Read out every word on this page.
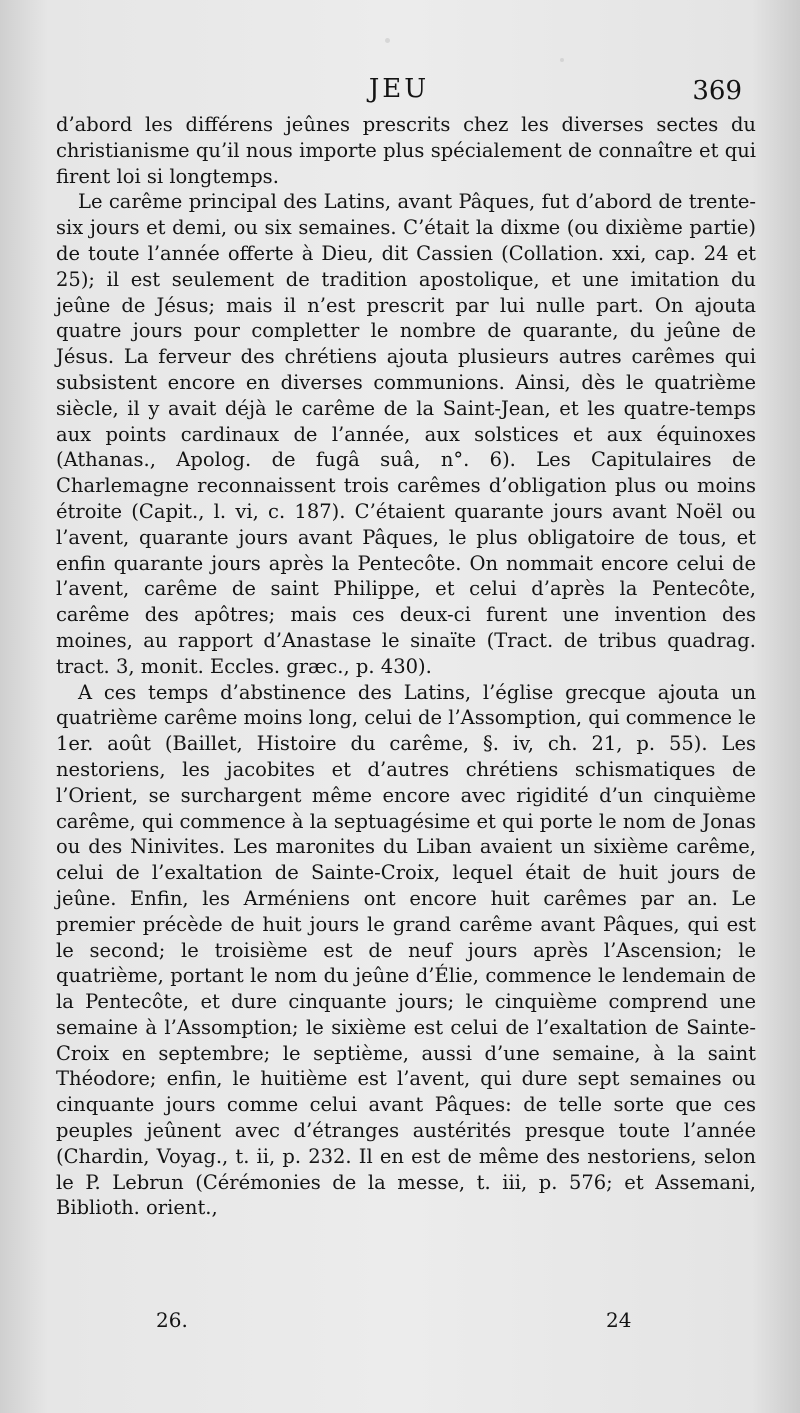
JEU	369

d’abord les différens jeûnes prescrits chez les diverses sectes du christianisme qu’il nous importe plus spécialement de connaître et qui firent loi si longtemps.

Le carême principal des Latins, avant Pâques, fut d’abord de trente-six jours et demi, ou six semaines. C’était la dixme (ou dixième partie) de toute l’année offerte à Dieu, dit Cassien (Collation. xxi, cap. 24 et 25); il est seulement de tradition apostolique, et une imitation du jeûne de Jésus; mais il n’est prescrit par lui nulle part. On ajouta quatre jours pour completter le nombre de quarante, du jeûne de Jésus. La ferveur des chrétiens ajouta plusieurs autres carêmes qui subsistent encore en diverses communions. Ainsi, dès le quatrième siècle, il y avait déjà le carême de la Saint-Jean, et les quatre-temps aux points cardinaux de l’année, aux solstices et aux équinoxes (Athanas., Apolog. de fugâ suâ, n°. 6). Les Capitulaires de Charlemagne reconnaissent trois carêmes d’obligation plus ou moins étroite (Capit., l. vi, c. 187). C’étaient quarante jours avant Noël ou l’avent, quarante jours avant Pâques, le plus obligatoire de tous, et enfin quarante jours après la Pentecôte. On nommait encore celui de l’avent, carême de saint Philippe, et celui d’après la Pentecôte, carême des apôtres; mais ces deux-ci furent une invention des moines, au rapport d’Anastase le sinaïte (Tract. de tribus quadrag. tract. 3, monit. Eccles. græc., p. 430).

A ces temps d’abstinence des Latins, l’église grecque ajouta un quatrième carême moins long, celui de l’Assomption, qui commence le 1er. août (Baillet, Histoire du carême, §. iv, ch. 21, p. 55). Les nestoriens, les jacobites et d’autres chrétiens schismatiques de l’Orient, se surchargent même encore avec rigidité d’un cinquième carême, qui commence à la septuagésime et qui porte le nom de Jonas ou des Ninivites. Les maronites du Liban avaient un sixième carême, celui de l’exaltation de Sainte-Croix, lequel était de huit jours de jeûne. Enfin, les Arméniens ont encore huit carêmes par an. Le premier précède de huit jours le grand carême avant Pâques, qui est le second; le troisième est de neuf jours après l’Ascension; le quatrième, portant le nom du jeûne d’Élie, commence le lendemain de la Pentecôte, et dure cinquante jours; le cinquième comprend une semaine à l’Assomption; le sixième est celui de l’exaltation de Sainte-Croix en septembre; le septième, aussi d’une semaine, à la saint Théodore; enfin, le huitième est l’avent, qui dure sept semaines ou cinquante jours comme celui avant Pâques: de telle sorte que ces peuples jeûnent avec d’étranges austérités presque toute l’année (Chardin, Voyag., t. ii, p. 232. Il en est de même des nestoriens, selon le P. Lebrun (Cérémonies de la messe, t. iii, p. 576; et Assemani, Biblioth. orient.,

26.	24
